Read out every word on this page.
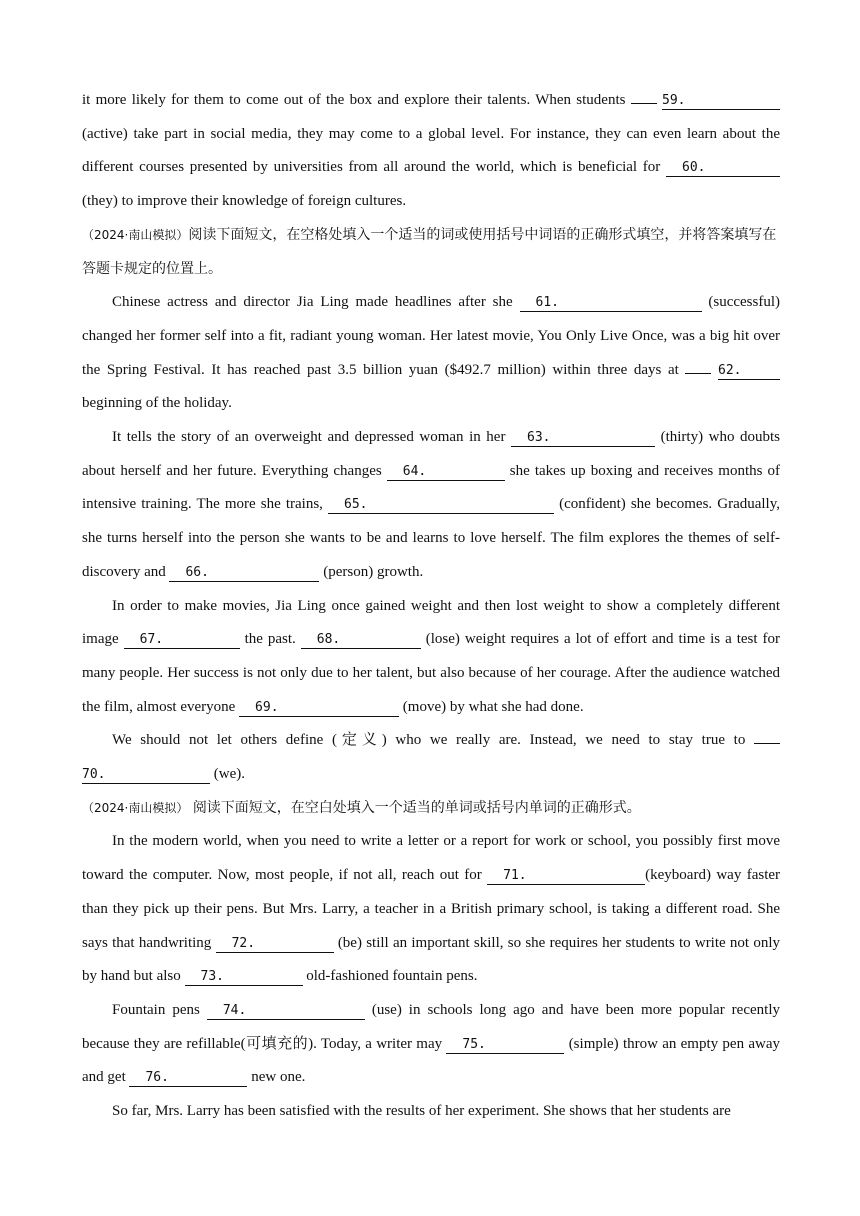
it more likely for them to come out of the box and explore their talents. When students	59. (active) take part in social media, they may come to a global level. For instance, they can even learn about the different courses presented by universities from all around the world, which is beneficial for 60. (they) to improve their knowledge of foreign cultures.

（2024·南山模拟）阅读下面短文，在空格处填入一个适当的词或使用括号中词语的正确形式填空，并将答案填写在答题卡规定的位置上。

Chinese actress and director Jia Ling made headlines after she 61.	(successful) changed her former self into a fit, radiant young woman. Her latest movie, You Only Live Once, was a big hit over the Spring Festival. It has reached past 3.5 billion yuan ($492.7 million) within three days at	62. beginning of the holiday.

It tells the story of an overweight and depressed woman in her 63.	(thirty) who doubts about herself and her future. Everything changes 64.	she takes up boxing and receives months of intensive training. The more she trains, 65.	(confident) she becomes. Gradually, she turns herself into the person she wants to be and learns to love herself. The film explores the themes of self-discovery and 66.	(person) growth.

In order to make movies, Jia Ling once gained weight and then lost weight to show a completely different image 67.	the past. 68.	(lose) weight requires a lot of effort and time is a test for many people. Her success is not only due to her talent, but also because of her courage. After the audience watched the film, almost everyone 69.	(move) by what she had done.

We should not let others define (定义) who we really are. Instead, we need to stay true to  70.	(we).

（2024·南山模拟） 阅读下面短文，在空白处填入一个适当的单词或括号内单词的正确形式。

In the modern world, when you need to write a letter or a report for work or school, you possibly first move toward the computer. Now, most people, if not all, reach out for 71.	(keyboard) way faster than they pick up their pens. But Mrs. Larry, a teacher in a British primary school, is taking a different road. She says that handwriting 72.	(be) still an important skill, so she requires her students to write not only by hand but also 73.	old-fashioned fountain pens.

Fountain pens 74.	(use) in schools long ago and have been more popular recently because they are refillable(可填充的). Today, a writer may 75.	(simple) throw an empty pen away and get 76.	new one.

So far, Mrs. Larry has been satisfied with the results of her experiment. She shows that her students are
